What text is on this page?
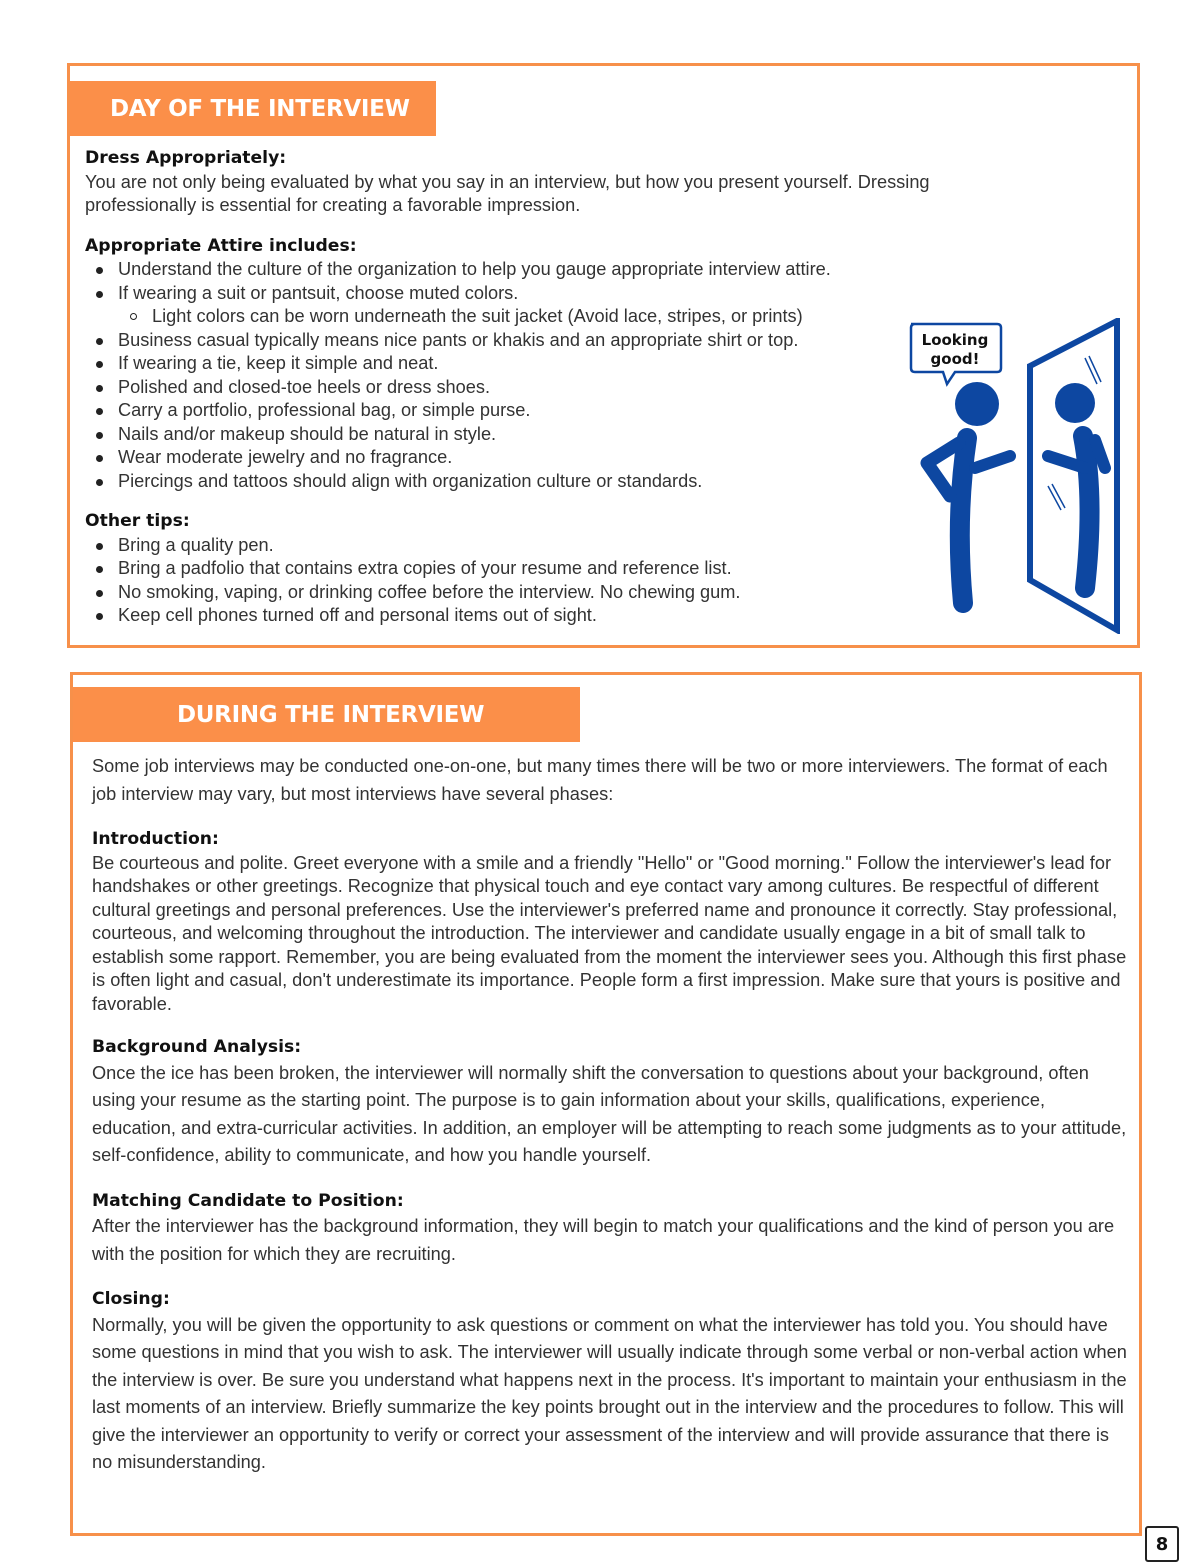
DAY OF THE INTERVIEW

Dress Appropriately:

You are not only being evaluated by what you say in an interview, but how you present yourself. Dressing professionally is essential for creating a favorable impression.

Appropriate Attire includes:

Understand the culture of the organization to help you gauge appropriate interview attire.
If wearing a suit or pantsuit, choose muted colors.
Light colors can be worn underneath the suit jacket (Avoid lace, stripes, or prints)
Business casual typically means nice pants or khakis and an appropriate shirt or top.
If wearing a tie, keep it simple and neat.
Polished and closed-toe heels or dress shoes.
Carry a portfolio, professional bag, or simple purse.
Nails and/or makeup should be natural in style.
Wear moderate jewelry and no fragrance.
Piercings and tattoos should align with organization culture or standards.

Other tips:

Bring a quality pen.
Bring a padfolio that contains extra copies of your resume and reference list.
No smoking, vaping, or drinking coffee before the interview. No chewing gum.
Keep cell phones turned off and personal items out of sight.
Looking
good!
DURING THE INTERVIEW

Some job interviews may be conducted one-on-one, but many times there will be two or more interviewers. The format of each job interview may vary, but most interviews have several phases:

Introduction:

Be courteous and polite. Greet everyone with a smile and a friendly "Hello" or "Good morning." Follow the interviewer's lead for handshakes or other greetings. Recognize that physical touch and eye contact vary among cultures. Be respectful of different cultural greetings and personal preferences. Use the interviewer's preferred name and pronounce it correctly. Stay professional, courteous, and welcoming throughout the introduction. The interviewer and candidate usually engage in a bit of small talk to establish some rapport. Remember, you are being evaluated from the moment the interviewer sees you. Although this first phase is often light and casual, don't underestimate its importance. People form a first impression. Make sure that yours is positive and favorable.

Background Analysis:

Once the ice has been broken, the interviewer will normally shift the conversation to questions about your background, often using your resume as the starting point. The purpose is to gain information about your skills, qualifications, experience, education, and extra-curricular activities. In addition, an employer will be attempting to reach some judgments as to your attitude, self-confidence, ability to communicate, and how you handle yourself.

Matching Candidate to Position:

After the interviewer has the background information, they will begin to match your qualifications and the kind of person you are with the position for which they are recruiting.

Closing:

Normally, you will be given the opportunity to ask questions or comment on what the interviewer has told you. You should have some questions in mind that you wish to ask. The interviewer will usually indicate through some verbal or non-verbal action when the interview is over. Be sure you understand what happens next in the process. It's important to maintain your enthusiasm in the last moments of an interview. Briefly summarize the key points brought out in the interview and the procedures to follow. This will give the interviewer an opportunity to verify or correct your assessment of the interview and will provide assurance that there is no misunderstanding.

8
